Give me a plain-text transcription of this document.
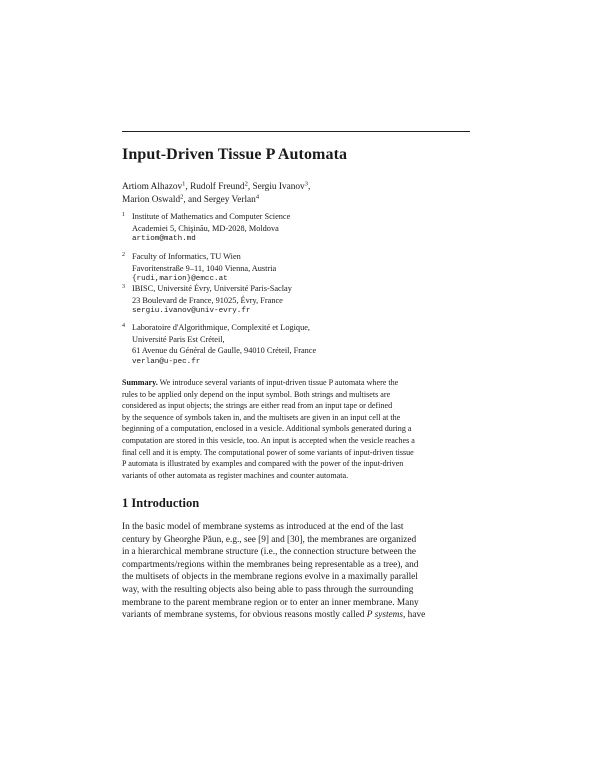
Input-Driven Tissue P Automata
Artiom Alhazov$^1$, Rudolf Freund$^2$, Sergiu Ivanov$^3$,
Marion Oswald$^2$, and Sergey Verlan$^4$
1 Institute of Mathematics and Computer Science
Academiei 5, Chişinău, MD-2028, Moldova
artiom@math.md
2 Faculty of Informatics, TU Wien
Favoritenstraße 9–11, 1040 Vienna, Austria
{rudi,marion}@emcc.at
3 IBISC, Université Évry, Université Paris-Saclay
23 Boulevard de France, 91025, Évry, France
sergiu.ivanov@univ-evry.fr
4 Laboratoire d'Algorithmique, Complexité et Logique,
Université Paris Est Créteil,
61 Avenue du Général de Gaulle, 94010 Créteil, France
verlan@u-pec.fr
Summary. We introduce several variants of input-driven tissue P automata where the
rules to be applied only depend on the input symbol. Both strings and multisets are
considered as input objects; the strings are either read from an input tape or defined
by the sequence of symbols taken in, and the multisets are given in an input cell at the
beginning of a computation, enclosed in a vesicle. Additional symbols generated during a
computation are stored in this vesicle, too. An input is accepted when the vesicle reaches a
final cell and it is empty. The computational power of some variants of input-driven tissue
P automata is illustrated by examples and compared with the power of the input-driven
variants of other automata as register machines and counter automata.
1 Introduction
In the basic model of membrane systems as introduced at the end of the last
century by Gheorghe Păun, e.g., see [9] and [30], the membranes are organized
in a hierarchical membrane structure (i.e., the connection structure between the
compartments/regions within the membranes being representable as a tree), and
the multisets of objects in the membrane regions evolve in a maximally parallel
way, with the resulting objects also being able to pass through the surrounding
membrane to the parent membrane region or to enter an inner membrane. Many
variants of membrane systems, for obvious reasons mostly called P systems, have
